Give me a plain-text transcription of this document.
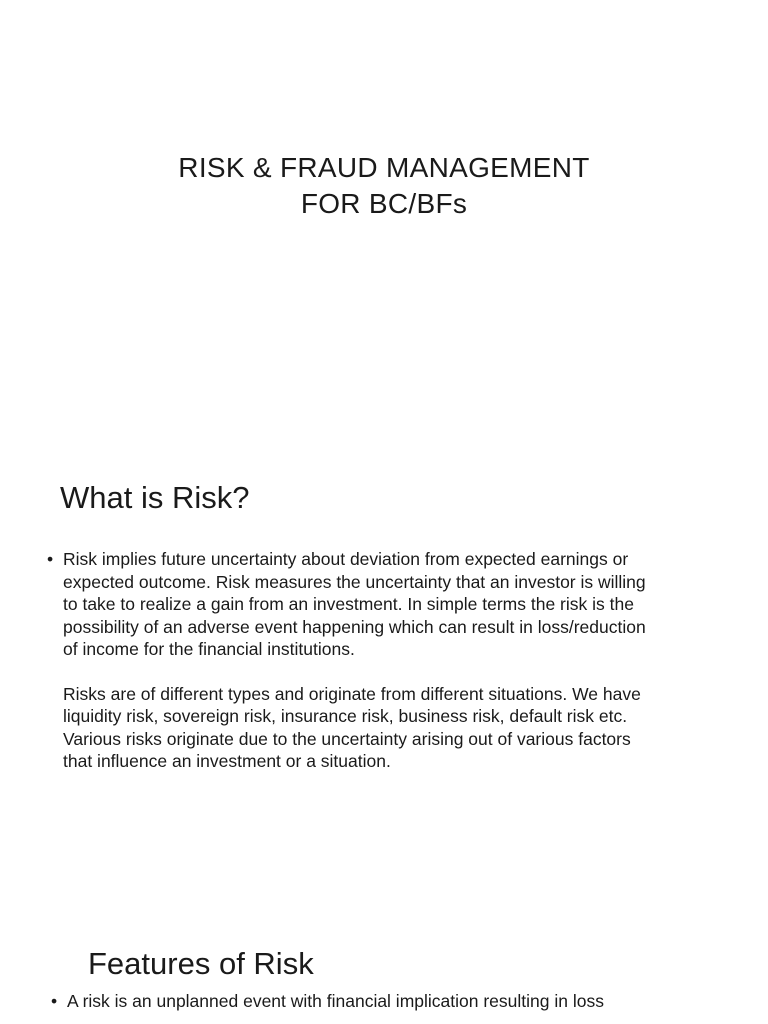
RISK & FRAUD MANAGEMENT
FOR BC/BFs
What is Risk?
• Risk implies future uncertainty about deviation from expected earnings or expected outcome. Risk measures the uncertainty that an investor is willing to take to realize a gain from an investment. In simple terms the risk is the possibility of an adverse event happening which can result in loss/reduction of income for the financial institutions.

Risks are of different types and originate from different situations. We have liquidity risk, sovereign risk, insurance risk, business risk, default risk etc. Various risks originate due to the uncertainty arising out of various factors that influence an investment or a situation.

Features of Risk
• A risk is an unplanned event with financial implication resulting in loss
